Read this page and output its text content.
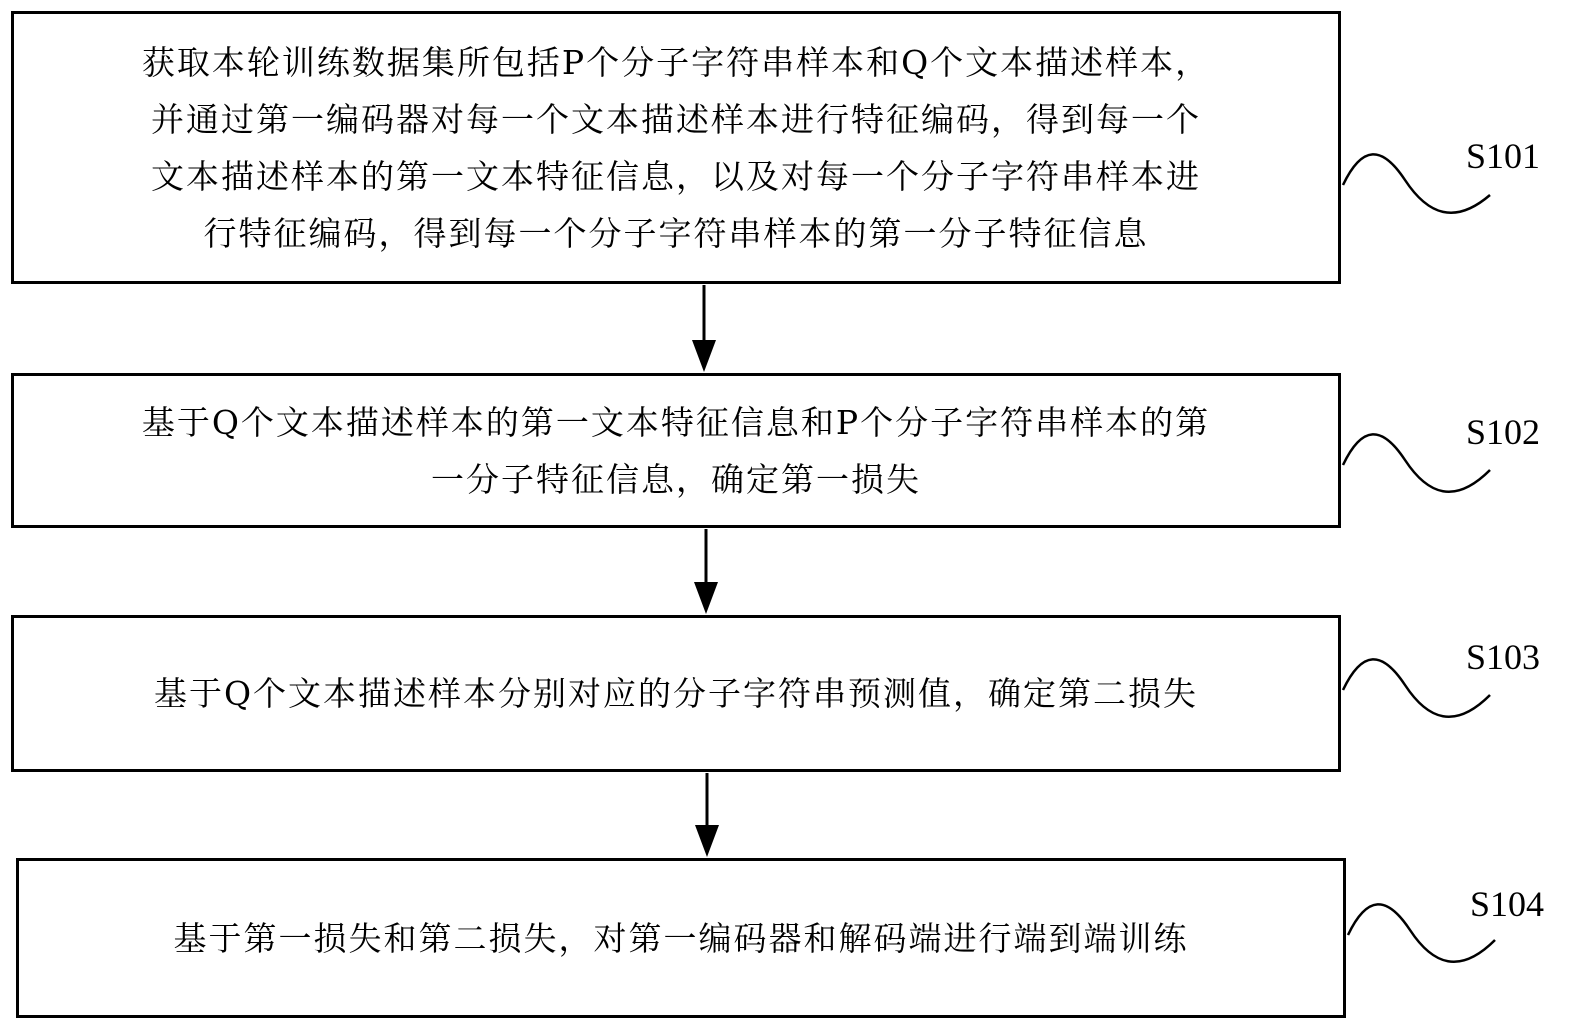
获取本轮训练数据集所包括P个分子字符串样本和Q个文本描述样本，
并通过第一编码器对每一个文本描述样本进行特征编码，得到每一个
文本描述样本的第一文本特征信息，以及对每一个分子字符串样本进
行特征编码，得到每一个分子字符串样本的第一分子特征信息
基于Q个文本描述样本的第一文本特征信息和P个分子字符串样本的第
一分子特征信息，确定第一损失
基于Q个文本描述样本分别对应的分子字符串预测值，确定第二损失
基于第一损失和第二损失，对第一编码器和解码端进行端到端训练
S101
S102
S103
S104
